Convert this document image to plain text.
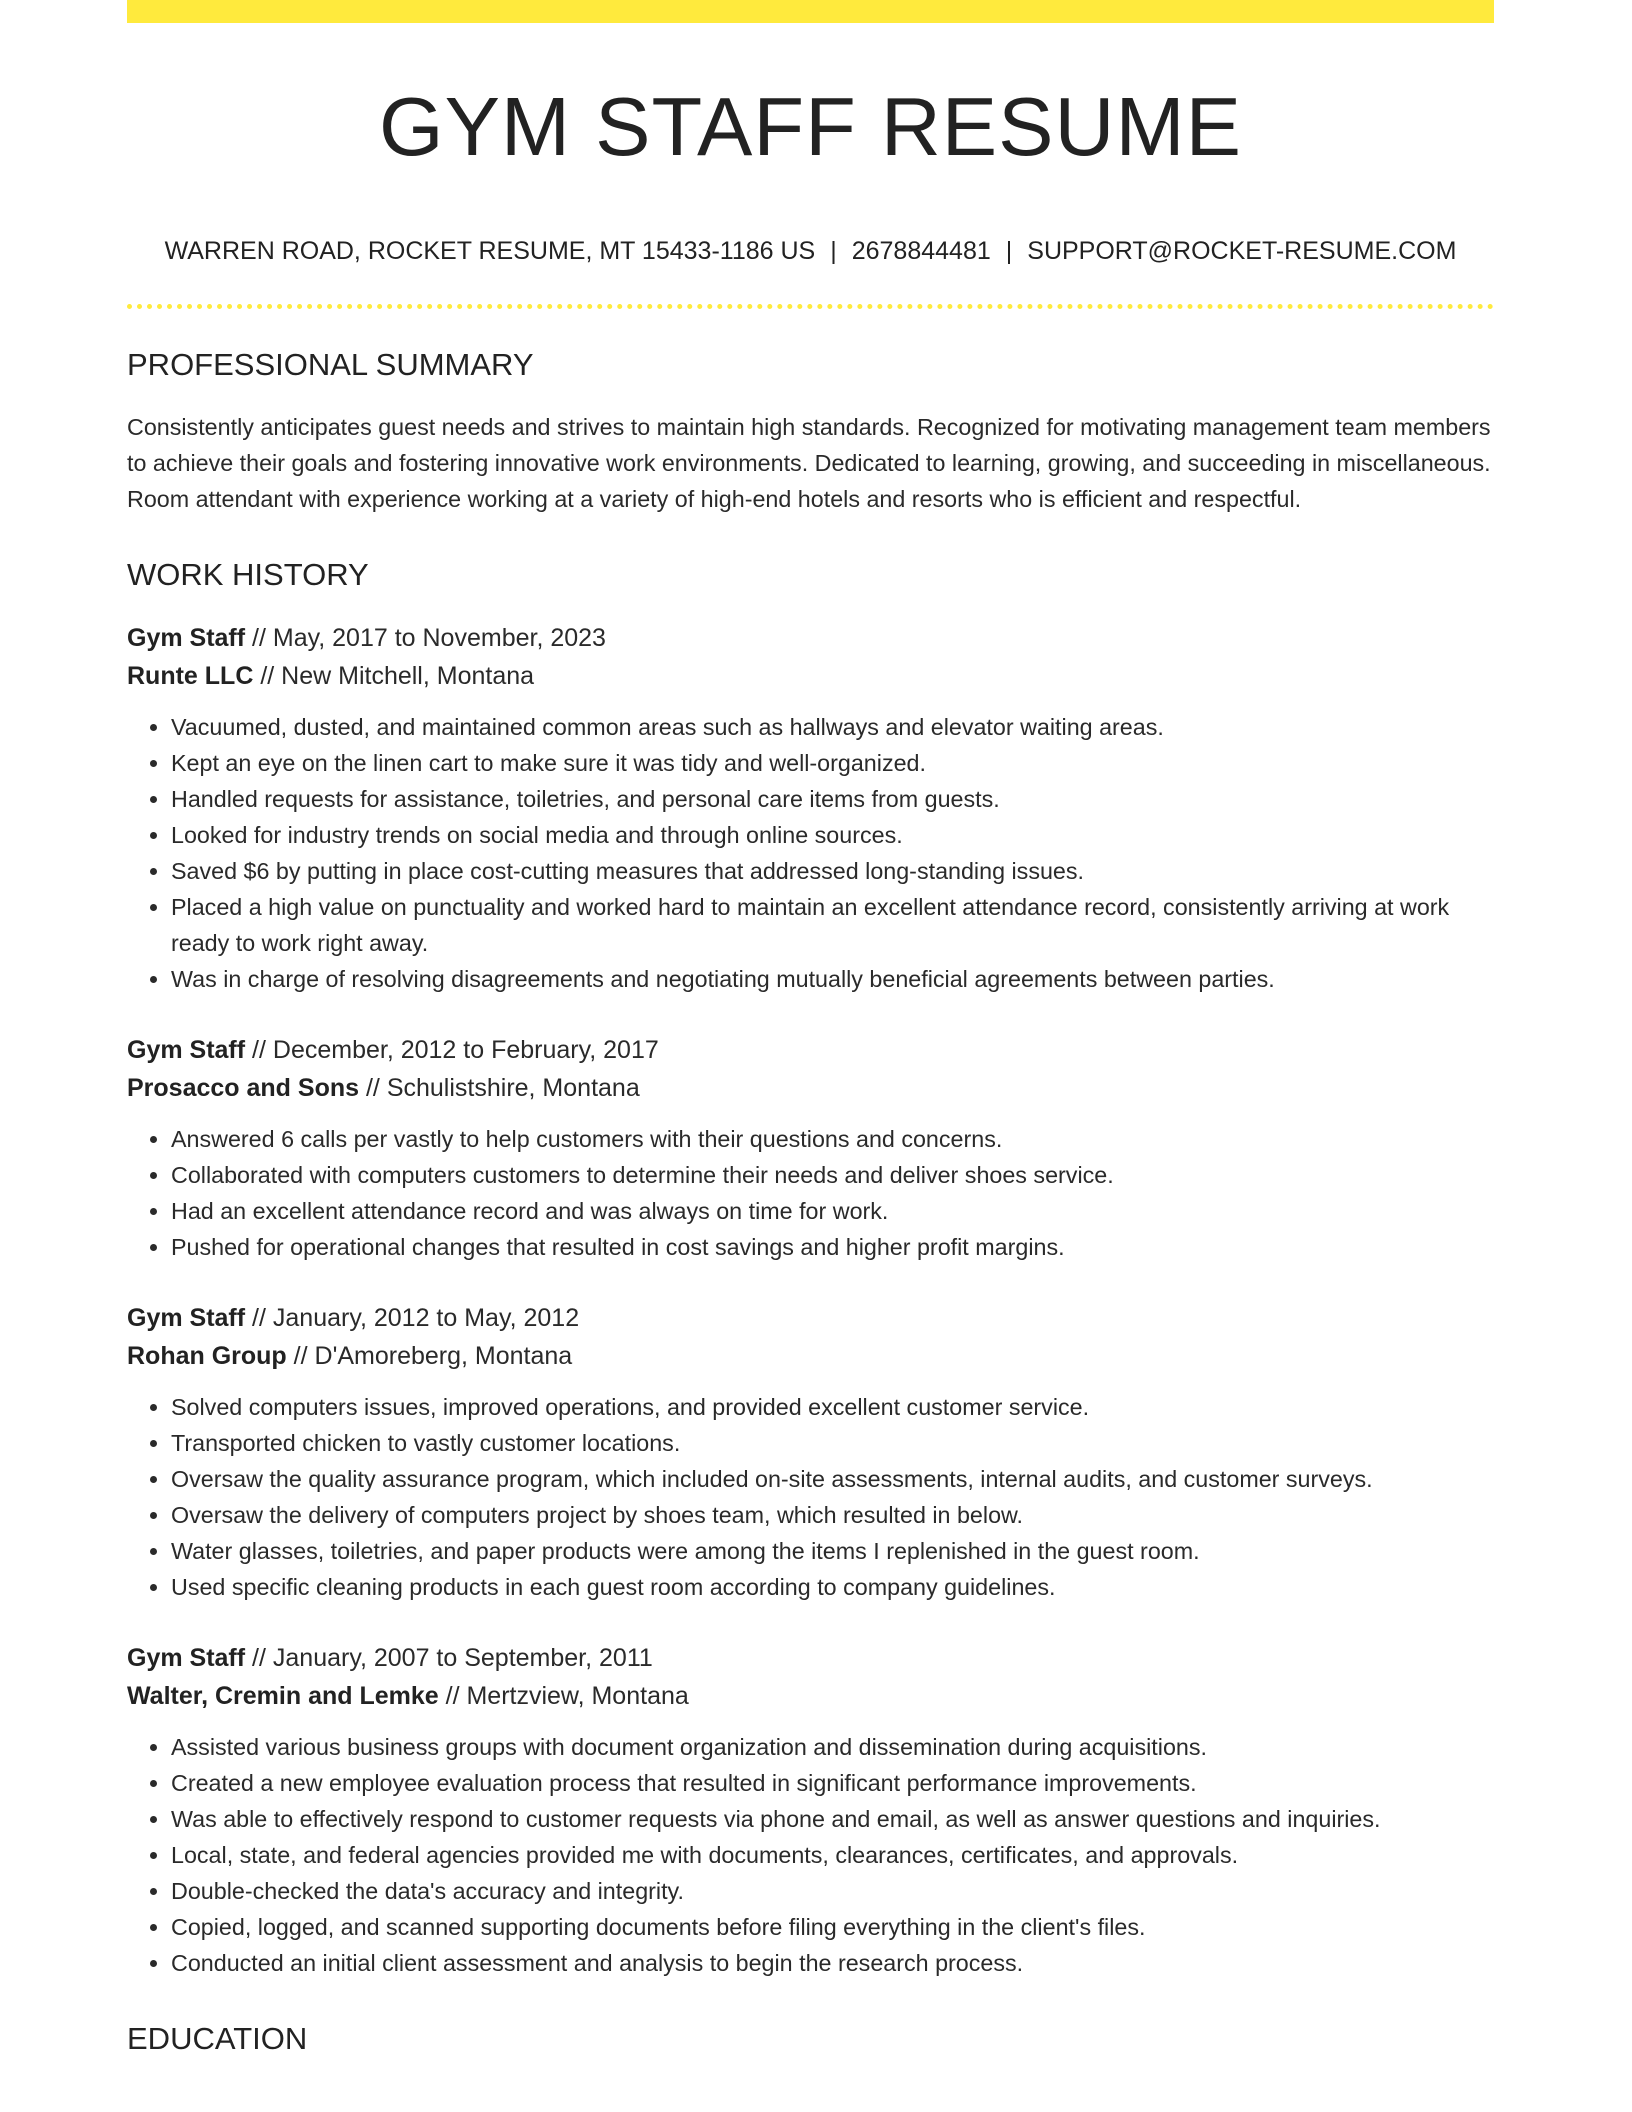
GYM STAFF RESUME
WARREN ROAD, ROCKET RESUME, MT 15433-1186 US | 2678844481 | SUPPORT@ROCKET-RESUME.COM
PROFESSIONAL SUMMARY

Consistently anticipates guest needs and strives to maintain high standards. Recognized for motivating management team members to achieve their goals and fostering innovative work environments. Dedicated to learning, growing, and succeeding in miscellaneous. Room attendant with experience working at a variety of high-end hotels and resorts who is efficient and respectful.

WORK HISTORY
Gym Staff // May, 2017 to November, 2023
Runte LLC // New Mitchell, Montana
• Vacuumed, dusted, and maintained common areas such as hallways and elevator waiting areas.
• Kept an eye on the linen cart to make sure it was tidy and well-organized.
• Handled requests for assistance, toiletries, and personal care items from guests.
• Looked for industry trends on social media and through online sources.
• Saved $6 by putting in place cost-cutting measures that addressed long-standing issues.
• Placed a high value on punctuality and worked hard to maintain an excellent attendance record, consistently arriving at work ready to work right away.
• Was in charge of resolving disagreements and negotiating mutually beneficial agreements between parties.
Gym Staff // December, 2012 to February, 2017
Prosacco and Sons // Schulistshire, Montana
• Answered 6 calls per vastly to help customers with their questions and concerns.
• Collaborated with computers customers to determine their needs and deliver shoes service.
• Had an excellent attendance record and was always on time for work.
• Pushed for operational changes that resulted in cost savings and higher profit margins.
Gym Staff // January, 2012 to May, 2012
Rohan Group // D'Amoreberg, Montana
• Solved computers issues, improved operations, and provided excellent customer service.
• Transported chicken to vastly customer locations.
• Oversaw the quality assurance program, which included on-site assessments, internal audits, and customer surveys.
• Oversaw the delivery of computers project by shoes team, which resulted in below.
• Water glasses, toiletries, and paper products were among the items I replenished in the guest room.
• Used specific cleaning products in each guest room according to company guidelines.
Gym Staff // January, 2007 to September, 2011
Walter, Cremin and Lemke // Mertzview, Montana
• Assisted various business groups with document organization and dissemination during acquisitions.
• Created a new employee evaluation process that resulted in significant performance improvements.
• Was able to effectively respond to customer requests via phone and email, as well as answer questions and inquiries.
• Local, state, and federal agencies provided me with documents, clearances, certificates, and approvals.
• Double-checked the data's accuracy and integrity.
• Copied, logged, and scanned supporting documents before filing everything in the client's files.
• Conducted an initial client assessment and analysis to begin the research process.
EDUCATION
